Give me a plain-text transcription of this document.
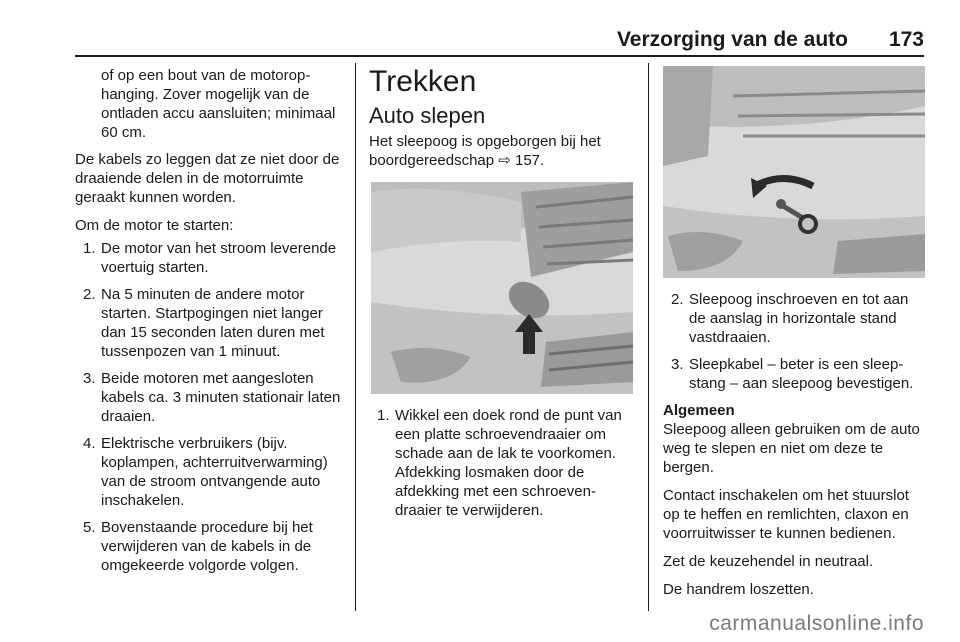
Verzorging van de auto 173
of op een bout van de motorophanging. Zover mogelijk van de ontladen accu aansluiten; minimaal 60 cm.

De kabels zo leggen dat ze niet door de draaiende delen in de motorruimte geraakt kunnen worden.

Om de motor te starten:

1. De motor van het stroom leverende voertuig starten.
2. Na 5 minuten de andere motor starten. Startpogingen niet langer dan 15 seconden laten duren met tussenpozen van 1 minuut.
3. Beide motoren met aangesloten kabels ca. 3 minuten stationair laten draaien.
4. Elektrische verbruikers (bijv. koplampen, achterruitverwarming) van de stroom ontvangende auto inschakelen.
5. Bovenstaande procedure bij het verwijderen van de kabels in de omgekeerde volgorde volgen.
Trekken
Auto slepen

Het sleepoog is opgeborgen bij het boordgereedschap ⇨ 157.

1. Wikkel een doek rond de punt van een platte schroevendraaier om schade aan de lak te voorkomen. Afdekking losmaken door de afdekking met een schroevendraaier te verwijderen.
2. Sleepoog inschroeven en tot aan de aanslag in horizontale stand vastdraaien.
3. Sleepkabel – beter is een sleepstang – aan sleepoog bevestigen.
Algemeen

Sleepoog alleen gebruiken om de auto weg te slepen en niet om deze te bergen.

Contact inschakelen om het stuurslot op te heffen en remlichten, claxon en voorruitwisser te kunnen bedienen.

Zet de keuzehendel in neutraal.

De handrem loszetten.

carmanualsonline.info
